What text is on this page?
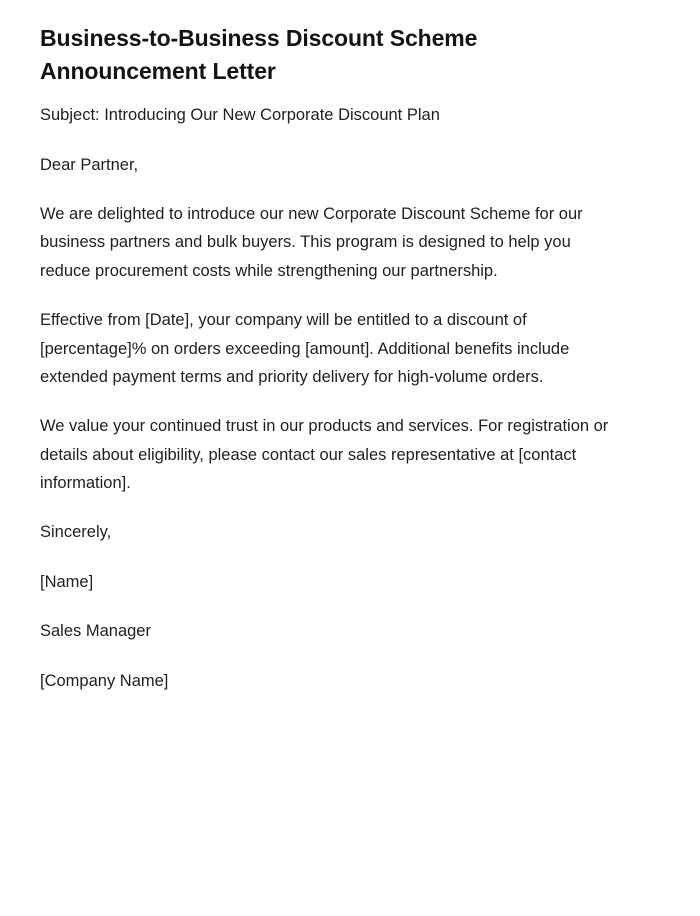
Business-to-Business Discount Scheme Announcement Letter

Subject: Introducing Our New Corporate Discount Plan

Dear Partner,

We are delighted to introduce our new Corporate Discount Scheme for our business partners and bulk buyers. This program is designed to help you reduce procurement costs while strengthening our partnership.

Effective from [Date], your company will be entitled to a discount of [percentage]% on orders exceeding [amount]. Additional benefits include extended payment terms and priority delivery for high-volume orders.

We value your continued trust in our products and services. For registration or details about eligibility, please contact our sales representative at [contact information].

Sincerely,

[Name]

Sales Manager

[Company Name]
